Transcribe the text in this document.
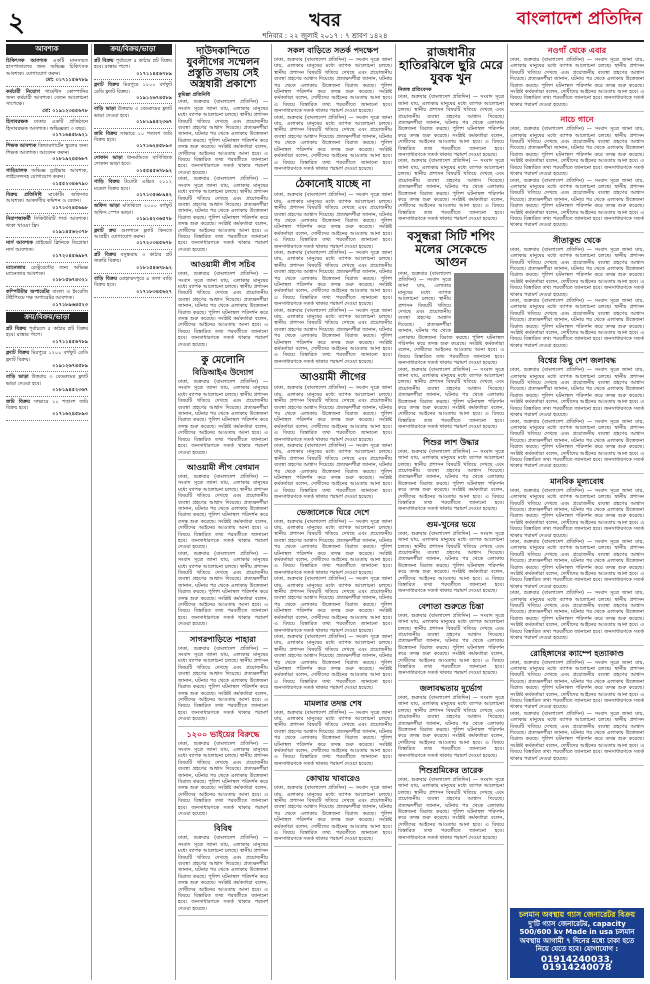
২	খবর	বাংলাদেশ প্রতিদিন
শনিবার : ২২ জুলাই ২০১৭ : ৭ শ্রাবণ ১৪২৪
আবশ্যক
চিকিৎসক আবশ্যক একটি মানসম্মত হাসপাতালের জন্য অভিজ্ঞ চিকিৎসক আবশ্যক। যোগাযোগ করুন।
মো: ০১৭১১৫৬৭৮৯
কর্মচারী নিয়োগ গার্মেন্টস কোম্পানির জন্য কর্মচারী আবশ্যক। বেতন আলোচনা সাপেক্ষে।
মো: ০১৯১২৩৪৫৬৭৮
হিসাবরক্ষক ঢাকার একটি প্রতিষ্ঠানে হিসাবরক্ষক আবশ্যক। অভিজ্ঞতা ৩ বছর।
০১৭১৬৪৫৮৯২১
শিক্ষক আবশ্যক কিন্ডারগার্টেন স্কুলের জন্য শিক্ষক আবশ্যক। আবেদন করুন।
০১৮১৯২৪৫৬৮৭
গাড়িচালক অভিজ্ঞ ড্রাইভার আবশ্যক, লাইসেন্সসহ যোগাযোগ করুন।
০১৫৫২৩৪৬৭৯০
বিক্রয় প্রতিনিধি মার্কেটিং অফিসার আবশ্যক। আকর্ষণীয় কমিশন ও বেতন।
০১৭১৩২৪৫৬৯৮
নিরাপত্তাকর্মী সিকিউরিটি গার্ড আবশ্যক। থাকা খাওয়া ফ্রি।
০১৯১৪৫৬২৩৭৮
নার্স আবশ্যক প্রাইভেট ক্লিনিকে ডিপ্লোমা নার্স আবশ্যক।
০১৭২০৪৫৬৯৮৭
ম্যানেজার রেস্টুরেন্টের জন্য অভিজ্ঞ ম্যানেজার আবশ্যক।
০১৮১৫৬৭৪৩২১
কম্পিউটার অপারেটর বাংলা ও ইংরেজি টাইপিংয়ে দক্ষ অপারেটর আবশ্যক।
০১৭১৮৯৬৪৫২৩
ক্রয়/বিক্রয়/ভাড়া
প্লট বিক্রয় পূর্বাচলে ৫ কাঠার প্লট বিক্রয় হবে। রাস্তার পাশে।
০১৭১১৪৫৬৭৮৯
ফ্ল্যাট বিক্রয় মিরপুরে ১২০০ বর্গফুট রেডি ফ্ল্যাট বিক্রয়।
০১৯১২৬৭৪৫৮৯
বাড়ি ভাড়া উত্তরায় ৩ বেডরুমের ফ্ল্যাট ভাড়া দেওয়া হবে।
০১৮১৯৪৫২৩৬৭
জমি বিক্রয় সাভারে ১০ শতাংশ জমি বিক্রয় হবে।
০১৭১৬২৪৫৮৯৩
ক্রয়/বিক্রয়/ভাড়া
প্লট বিক্রয় পূর্বাচলে ৫ কাঠার প্লট বিক্রয় হবে। রাস্তার পাশে।
০১৭১১৪৫৬৭৮৯
ফ্ল্যাট বিক্রয় মিরপুরে ১২০০ বর্গফুট রেডি ফ্ল্যাট বিক্রয়।
০১৯১২৬৭৪৫৮৯
বাড়ি ভাড়া উত্তরায় ৩ বেডরুমের ফ্ল্যাট ভাড়া দেওয়া হবে।
০১৮১৯৪৫২৩৬৭
জমি বিক্রয় সাভারে ১০ শতাংশ জমি বিক্রয় হবে।
০১৭১৬২৪৫৮৯৩
দোকান ভাড়া ধানমন্ডিতে বাণিজ্যিক দোকান ভাড়া হবে।
০১৫৫৪৫৬৭৮৯২
গাড়ি বিক্রয় টয়োটা এক্সিও ২০১২ মডেল বিক্রয় হবে।
০১৭১৩৫৬৮৯৪২
অফিস ভাড়া মতিঝিলে ২০০০ বর্গফুট অফিস স্পেস ভাড়া।
০১৯১৪২৩৬৫৭৮
ফ্ল্যাট ক্রয় গুলশানে ফ্ল্যাট কিনতে আগ্রহী। যোগাযোগ করুন।
০১৭২০৩৪৫৬৭৮
প্লট বিক্রয় বসুন্ধরায় ৩ কাঠার প্লট জরুরি বিক্রয়।
০১৮১৫৪৬৭৮৯২
বাড়ি বিক্রয় মোহাম্মদপুরে ৪ তলা বাড়ি বিক্রয় হবে।
০১৭১৮৩৪৫৬২৭
দাউদকান্দিতে যুবলীগের সম্মেলন প্রস্তুতি সভায় সেই অস্ত্রধারী প্রকাশ্যে
কুমিল্লা প্রতিনিধি
ঢাকা, শুক্রবার (বাংলাদেশ প্রতিদিন) — সংবাদ সূত্রে জানা যায়, এলাকার মানুষের মধ্যে ব্যাপক আলোচনা চলছে। স্থানীয় প্রশাসন বিষয়টি খতিয়ে দেখছে এবং প্রয়োজনীয় ব্যবস্থা গ্রহণের আশ্বাস দিয়েছে। প্রত্যক্ষদর্শীরা জানান, ঘটনার পর থেকে এলাকায় উত্তেজনা বিরাজ করছে। পুলিশ ঘটনাস্থল পরিদর্শন করে তদন্ত শুরু করেছে। সংশ্লিষ্ট কর্মকর্তারা বলেন, দোষীদের আইনের আওতায় আনা হবে। এ বিষয়ে বিস্তারিত তথ্য পরবর্তীতে জানানো হবে। জনসাধারণকে সতর্ক থাকার পরামর্শ দেওয়া হয়েছে।
ঢাকা, শুক্রবার (বাংলাদেশ প্রতিদিন) — সংবাদ সূত্রে জানা যায়, এলাকার মানুষের মধ্যে ব্যাপক আলোচনা চলছে। স্থানীয় প্রশাসন বিষয়টি খতিয়ে দেখছে এবং প্রয়োজনীয় ব্যবস্থা গ্রহণের আশ্বাস দিয়েছে। প্রত্যক্ষদর্শীরা জানান, ঘটনার পর থেকে এলাকায় উত্তেজনা বিরাজ করছে। পুলিশ ঘটনাস্থল পরিদর্শন করে তদন্ত শুরু করেছে। সংশ্লিষ্ট কর্মকর্তারা বলেন, দোষীদের আইনের আওতায় আনা হবে। এ বিষয়ে বিস্তারিত তথ্য পরবর্তীতে জানানো হবে। জনসাধারণকে সতর্ক থাকার পরামর্শ দেওয়া হয়েছে।
আওয়ামী লীগ সচিব
ঢাকা, শুক্রবার (বাংলাদেশ প্রতিদিন) — সংবাদ সূত্রে জানা যায়, এলাকার মানুষের মধ্যে ব্যাপক আলোচনা চলছে। স্থানীয় প্রশাসন বিষয়টি খতিয়ে দেখছে এবং প্রয়োজনীয় ব্যবস্থা গ্রহণের আশ্বাস দিয়েছে। প্রত্যক্ষদর্শীরা জানান, ঘটনার পর থেকে এলাকায় উত্তেজনা বিরাজ করছে। পুলিশ ঘটনাস্থল পরিদর্শন করে তদন্ত শুরু করেছে। সংশ্লিষ্ট কর্মকর্তারা বলেন, দোষীদের আইনের আওতায় আনা হবে। এ বিষয়ে বিস্তারিত তথ্য পরবর্তীতে জানানো হবে। জনসাধারণকে সতর্ক থাকার পরামর্শ দেওয়া হয়েছে।
কু মেলোনি
বিডিআইএ উদ্যোগ
ঢাকা, শুক্রবার (বাংলাদেশ প্রতিদিন) — সংবাদ সূত্রে জানা যায়, এলাকার মানুষের মধ্যে ব্যাপক আলোচনা চলছে। স্থানীয় প্রশাসন বিষয়টি খতিয়ে দেখছে এবং প্রয়োজনীয় ব্যবস্থা গ্রহণের আশ্বাস দিয়েছে। প্রত্যক্ষদর্শীরা জানান, ঘটনার পর থেকে এলাকায় উত্তেজনা বিরাজ করছে। পুলিশ ঘটনাস্থল পরিদর্শন করে তদন্ত শুরু করেছে। সংশ্লিষ্ট কর্মকর্তারা বলেন, দোষীদের আইনের আওতায় আনা হবে। এ বিষয়ে বিস্তারিত তথ্য পরবর্তীতে জানানো হবে। জনসাধারণকে সতর্ক থাকার পরামর্শ দেওয়া হয়েছে।
আওয়ামী লীগ বেগমান
ঢাকা, শুক্রবার (বাংলাদেশ প্রতিদিন) — সংবাদ সূত্রে জানা যায়, এলাকার মানুষের মধ্যে ব্যাপক আলোচনা চলছে। স্থানীয় প্রশাসন বিষয়টি খতিয়ে দেখছে এবং প্রয়োজনীয় ব্যবস্থা গ্রহণের আশ্বাস দিয়েছে। প্রত্যক্ষদর্শীরা জানান, ঘটনার পর থেকে এলাকায় উত্তেজনা বিরাজ করছে। পুলিশ ঘটনাস্থল পরিদর্শন করে তদন্ত শুরু করেছে। সংশ্লিষ্ট কর্মকর্তারা বলেন, দোষীদের আইনের আওতায় আনা হবে। এ বিষয়ে বিস্তারিত তথ্য পরবর্তীতে জানানো হবে। জনসাধারণকে সতর্ক থাকার পরামর্শ দেওয়া হয়েছে।
ঢাকা, শুক্রবার (বাংলাদেশ প্রতিদিন) — সংবাদ সূত্রে জানা যায়, এলাকার মানুষের মধ্যে ব্যাপক আলোচনা চলছে। স্থানীয় প্রশাসন বিষয়টি খতিয়ে দেখছে এবং প্রয়োজনীয় ব্যবস্থা গ্রহণের আশ্বাস দিয়েছে। প্রত্যক্ষদর্শীরা জানান, ঘটনার পর থেকে এলাকায় উত্তেজনা বিরাজ করছে। পুলিশ ঘটনাস্থল পরিদর্শন করে তদন্ত শুরু করেছে। সংশ্লিষ্ট কর্মকর্তারা বলেন, দোষীদের আইনের আওতায় আনা হবে। এ বিষয়ে বিস্তারিত তথ্য পরবর্তীতে জানানো হবে। জনসাধারণকে সতর্ক থাকার পরামর্শ দেওয়া হয়েছে।
সাগরপাড়িতে পাহারা
ঢাকা, শুক্রবার (বাংলাদেশ প্রতিদিন) — সংবাদ সূত্রে জানা যায়, এলাকার মানুষের মধ্যে ব্যাপক আলোচনা চলছে। স্থানীয় প্রশাসন বিষয়টি খতিয়ে দেখছে এবং প্রয়োজনীয় ব্যবস্থা গ্রহণের আশ্বাস দিয়েছে। প্রত্যক্ষদর্শীরা জানান, ঘটনার পর থেকে এলাকায় উত্তেজনা বিরাজ করছে। পুলিশ ঘটনাস্থল পরিদর্শন করে তদন্ত শুরু করেছে। সংশ্লিষ্ট কর্মকর্তারা বলেন, দোষীদের আইনের আওতায় আনা হবে। এ বিষয়ে বিস্তারিত তথ্য পরবর্তীতে জানানো হবে। জনসাধারণকে সতর্ক থাকার পরামর্শ দেওয়া হয়েছে।
১২০০ ভাইয়ের বিরুদ্ধে
ঢাকা, শুক্রবার (বাংলাদেশ প্রতিদিন) — সংবাদ সূত্রে জানা যায়, এলাকার মানুষের মধ্যে ব্যাপক আলোচনা চলছে। স্থানীয় প্রশাসন বিষয়টি খতিয়ে দেখছে এবং প্রয়োজনীয় ব্যবস্থা গ্রহণের আশ্বাস দিয়েছে। প্রত্যক্ষদর্শীরা জানান, ঘটনার পর থেকে এলাকায় উত্তেজনা বিরাজ করছে। পুলিশ ঘটনাস্থল পরিদর্শন করে তদন্ত শুরু করেছে। সংশ্লিষ্ট কর্মকর্তারা বলেন, দোষীদের আইনের আওতায় আনা হবে। এ বিষয়ে বিস্তারিত তথ্য পরবর্তীতে জানানো হবে। জনসাধারণকে সতর্ক থাকার পরামর্শ দেওয়া হয়েছে।
বিবিধ
ঢাকা, শুক্রবার (বাংলাদেশ প্রতিদিন) — সংবাদ সূত্রে জানা যায়, এলাকার মানুষের মধ্যে ব্যাপক আলোচনা চলছে। স্থানীয় প্রশাসন বিষয়টি খতিয়ে দেখছে এবং প্রয়োজনীয় ব্যবস্থা গ্রহণের আশ্বাস দিয়েছে। প্রত্যক্ষদর্শীরা জানান, ঘটনার পর থেকে এলাকায় উত্তেজনা বিরাজ করছে। পুলিশ ঘটনাস্থল পরিদর্শন করে তদন্ত শুরু করেছে। সংশ্লিষ্ট কর্মকর্তারা বলেন, দোষীদের আইনের আওতায় আনা হবে। এ বিষয়ে বিস্তারিত তথ্য পরবর্তীতে জানানো হবে। জনসাধারণকে সতর্ক থাকার পরামর্শ দেওয়া হয়েছে।
সকল বাড়িতে সতর্ক পদক্ষেপ
ঢাকা, শুক্রবার (বাংলাদেশ প্রতিদিন) — সংবাদ সূত্রে জানা যায়, এলাকার মানুষের মধ্যে ব্যাপক আলোচনা চলছে। স্থানীয় প্রশাসন বিষয়টি খতিয়ে দেখছে এবং প্রয়োজনীয় ব্যবস্থা গ্রহণের আশ্বাস দিয়েছে। প্রত্যক্ষদর্শীরা জানান, ঘটনার পর থেকে এলাকায় উত্তেজনা বিরাজ করছে। পুলিশ ঘটনাস্থল পরিদর্শন করে তদন্ত শুরু করেছে। সংশ্লিষ্ট কর্মকর্তারা বলেন, দোষীদের আইনের আওতায় আনা হবে। এ বিষয়ে বিস্তারিত তথ্য পরবর্তীতে জানানো হবে। জনসাধারণকে সতর্ক থাকার পরামর্শ দেওয়া হয়েছে।
ঢাকা, শুক্রবার (বাংলাদেশ প্রতিদিন) — সংবাদ সূত্রে জানা যায়, এলাকার মানুষের মধ্যে ব্যাপক আলোচনা চলছে। স্থানীয় প্রশাসন বিষয়টি খতিয়ে দেখছে এবং প্রয়োজনীয় ব্যবস্থা গ্রহণের আশ্বাস দিয়েছে। প্রত্যক্ষদর্শীরা জানান, ঘটনার পর থেকে এলাকায় উত্তেজনা বিরাজ করছে। পুলিশ ঘটনাস্থল পরিদর্শন করে তদন্ত শুরু করেছে। সংশ্লিষ্ট কর্মকর্তারা বলেন, দোষীদের আইনের আওতায় আনা হবে। এ বিষয়ে বিস্তারিত তথ্য পরবর্তীতে জানানো হবে। জনসাধারণকে সতর্ক থাকার পরামর্শ দেওয়া হয়েছে।
ঠেকানোই যাচ্ছে না
ঢাকা, শুক্রবার (বাংলাদেশ প্রতিদিন) — সংবাদ সূত্রে জানা যায়, এলাকার মানুষের মধ্যে ব্যাপক আলোচনা চলছে। স্থানীয় প্রশাসন বিষয়টি খতিয়ে দেখছে এবং প্রয়োজনীয় ব্যবস্থা গ্রহণের আশ্বাস দিয়েছে। প্রত্যক্ষদর্শীরা জানান, ঘটনার পর থেকে এলাকায় উত্তেজনা বিরাজ করছে। পুলিশ ঘটনাস্থল পরিদর্শন করে তদন্ত শুরু করেছে। সংশ্লিষ্ট কর্মকর্তারা বলেন, দোষীদের আইনের আওতায় আনা হবে। এ বিষয়ে বিস্তারিত তথ্য পরবর্তীতে জানানো হবে। জনসাধারণকে সতর্ক থাকার পরামর্শ দেওয়া হয়েছে।
ঢাকা, শুক্রবার (বাংলাদেশ প্রতিদিন) — সংবাদ সূত্রে জানা যায়, এলাকার মানুষের মধ্যে ব্যাপক আলোচনা চলছে। স্থানীয় প্রশাসন বিষয়টি খতিয়ে দেখছে এবং প্রয়োজনীয় ব্যবস্থা গ্রহণের আশ্বাস দিয়েছে। প্রত্যক্ষদর্শীরা জানান, ঘটনার পর থেকে এলাকায় উত্তেজনা বিরাজ করছে। পুলিশ ঘটনাস্থল পরিদর্শন করে তদন্ত শুরু করেছে। সংশ্লিষ্ট কর্মকর্তারা বলেন, দোষীদের আইনের আওতায় আনা হবে। এ বিষয়ে বিস্তারিত তথ্য পরবর্তীতে জানানো হবে। জনসাধারণকে সতর্ক থাকার পরামর্শ দেওয়া হয়েছে।
ঢাকা, শুক্রবার (বাংলাদেশ প্রতিদিন) — সংবাদ সূত্রে জানা যায়, এলাকার মানুষের মধ্যে ব্যাপক আলোচনা চলছে। স্থানীয় প্রশাসন বিষয়টি খতিয়ে দেখছে এবং প্রয়োজনীয় ব্যবস্থা গ্রহণের আশ্বাস দিয়েছে। প্রত্যক্ষদর্শীরা জানান, ঘটনার পর থেকে এলাকায় উত্তেজনা বিরাজ করছে। পুলিশ ঘটনাস্থল পরিদর্শন করে তদন্ত শুরু করেছে। সংশ্লিষ্ট কর্মকর্তারা বলেন, দোষীদের আইনের আওতায় আনা হবে। এ বিষয়ে বিস্তারিত তথ্য পরবর্তীতে জানানো হবে। জনসাধারণকে সতর্ক থাকার পরামর্শ দেওয়া হয়েছে।
আওয়ামী লীগের
ঢাকা, শুক্রবার (বাংলাদেশ প্রতিদিন) — সংবাদ সূত্রে জানা যায়, এলাকার মানুষের মধ্যে ব্যাপক আলোচনা চলছে। স্থানীয় প্রশাসন বিষয়টি খতিয়ে দেখছে এবং প্রয়োজনীয় ব্যবস্থা গ্রহণের আশ্বাস দিয়েছে। প্রত্যক্ষদর্শীরা জানান, ঘটনার পর থেকে এলাকায় উত্তেজনা বিরাজ করছে। পুলিশ ঘটনাস্থল পরিদর্শন করে তদন্ত শুরু করেছে। সংশ্লিষ্ট কর্মকর্তারা বলেন, দোষীদের আইনের আওতায় আনা হবে। এ বিষয়ে বিস্তারিত তথ্য পরবর্তীতে জানানো হবে। জনসাধারণকে সতর্ক থাকার পরামর্শ দেওয়া হয়েছে।
ঢাকা, শুক্রবার (বাংলাদেশ প্রতিদিন) — সংবাদ সূত্রে জানা যায়, এলাকার মানুষের মধ্যে ব্যাপক আলোচনা চলছে। স্থানীয় প্রশাসন বিষয়টি খতিয়ে দেখছে এবং প্রয়োজনীয় ব্যবস্থা গ্রহণের আশ্বাস দিয়েছে। প্রত্যক্ষদর্শীরা জানান, ঘটনার পর থেকে এলাকায় উত্তেজনা বিরাজ করছে। পুলিশ ঘটনাস্থল পরিদর্শন করে তদন্ত শুরু করেছে। সংশ্লিষ্ট কর্মকর্তারা বলেন, দোষীদের আইনের আওতায় আনা হবে। এ বিষয়ে বিস্তারিত তথ্য পরবর্তীতে জানানো হবে। জনসাধারণকে সতর্ক থাকার পরামর্শ দেওয়া হয়েছে।
ভেজালেকে ঘিরে দেশে
ঢাকা, শুক্রবার (বাংলাদেশ প্রতিদিন) — সংবাদ সূত্রে জানা যায়, এলাকার মানুষের মধ্যে ব্যাপক আলোচনা চলছে। স্থানীয় প্রশাসন বিষয়টি খতিয়ে দেখছে এবং প্রয়োজনীয় ব্যবস্থা গ্রহণের আশ্বাস দিয়েছে। প্রত্যক্ষদর্শীরা জানান, ঘটনার পর থেকে এলাকায় উত্তেজনা বিরাজ করছে। পুলিশ ঘটনাস্থল পরিদর্শন করে তদন্ত শুরু করেছে। সংশ্লিষ্ট কর্মকর্তারা বলেন, দোষীদের আইনের আওতায় আনা হবে। এ বিষয়ে বিস্তারিত তথ্য পরবর্তীতে জানানো হবে। জনসাধারণকে সতর্ক থাকার পরামর্শ দেওয়া হয়েছে।
ঢাকা, শুক্রবার (বাংলাদেশ প্রতিদিন) — সংবাদ সূত্রে জানা যায়, এলাকার মানুষের মধ্যে ব্যাপক আলোচনা চলছে। স্থানীয় প্রশাসন বিষয়টি খতিয়ে দেখছে এবং প্রয়োজনীয় ব্যবস্থা গ্রহণের আশ্বাস দিয়েছে। প্রত্যক্ষদর্শীরা জানান, ঘটনার পর থেকে এলাকায় উত্তেজনা বিরাজ করছে। পুলিশ ঘটনাস্থল পরিদর্শন করে তদন্ত শুরু করেছে। সংশ্লিষ্ট কর্মকর্তারা বলেন, দোষীদের আইনের আওতায় আনা হবে। এ বিষয়ে বিস্তারিত তথ্য পরবর্তীতে জানানো হবে। জনসাধারণকে সতর্ক থাকার পরামর্শ দেওয়া হয়েছে।
ঢাকা, শুক্রবার (বাংলাদেশ প্রতিদিন) — সংবাদ সূত্রে জানা যায়, এলাকার মানুষের মধ্যে ব্যাপক আলোচনা চলছে। স্থানীয় প্রশাসন বিষয়টি খতিয়ে দেখছে এবং প্রয়োজনীয় ব্যবস্থা গ্রহণের আশ্বাস দিয়েছে। প্রত্যক্ষদর্শীরা জানান, ঘটনার পর থেকে এলাকায় উত্তেজনা বিরাজ করছে। পুলিশ ঘটনাস্থল পরিদর্শন করে তদন্ত শুরু করেছে। সংশ্লিষ্ট কর্মকর্তারা বলেন, দোষীদের আইনের আওতায় আনা হবে। এ বিষয়ে বিস্তারিত তথ্য পরবর্তীতে জানানো হবে। জনসাধারণকে সতর্ক থাকার পরামর্শ দেওয়া হয়েছে।
মামলার তদন্ত শেষ
ঢাকা, শুক্রবার (বাংলাদেশ প্রতিদিন) — সংবাদ সূত্রে জানা যায়, এলাকার মানুষের মধ্যে ব্যাপক আলোচনা চলছে। স্থানীয় প্রশাসন বিষয়টি খতিয়ে দেখছে এবং প্রয়োজনীয় ব্যবস্থা গ্রহণের আশ্বাস দিয়েছে। প্রত্যক্ষদর্শীরা জানান, ঘটনার পর থেকে এলাকায় উত্তেজনা বিরাজ করছে। পুলিশ ঘটনাস্থল পরিদর্শন করে তদন্ত শুরু করেছে। সংশ্লিষ্ট কর্মকর্তারা বলেন, দোষীদের আইনের আওতায় আনা হবে। এ বিষয়ে বিস্তারিত তথ্য পরবর্তীতে জানানো হবে। জনসাধারণকে সতর্ক থাকার পরামর্শ দেওয়া হয়েছে।
কোথায় খাবারেও
ঢাকা, শুক্রবার (বাংলাদেশ প্রতিদিন) — সংবাদ সূত্রে জানা যায়, এলাকার মানুষের মধ্যে ব্যাপক আলোচনা চলছে। স্থানীয় প্রশাসন বিষয়টি খতিয়ে দেখছে এবং প্রয়োজনীয় ব্যবস্থা গ্রহণের আশ্বাস দিয়েছে। প্রত্যক্ষদর্শীরা জানান, ঘটনার পর থেকে এলাকায় উত্তেজনা বিরাজ করছে। পুলিশ ঘটনাস্থল পরিদর্শন করে তদন্ত শুরু করেছে। সংশ্লিষ্ট কর্মকর্তারা বলেন, দোষীদের আইনের আওতায় আনা হবে। এ বিষয়ে বিস্তারিত তথ্য পরবর্তীতে জানানো হবে। জনসাধারণকে সতর্ক থাকার পরামর্শ দেওয়া হয়েছে।
রাজধানীর হাতিরঝিলে ছুরি মেরে যুবক খুন
নিজস্ব প্রতিবেদক
ঢাকা, শুক্রবার (বাংলাদেশ প্রতিদিন) — সংবাদ সূত্রে জানা যায়, এলাকার মানুষের মধ্যে ব্যাপক আলোচনা চলছে। স্থানীয় প্রশাসন বিষয়টি খতিয়ে দেখছে এবং প্রয়োজনীয় ব্যবস্থা গ্রহণের আশ্বাস দিয়েছে। প্রত্যক্ষদর্শীরা জানান, ঘটনার পর থেকে এলাকায় উত্তেজনা বিরাজ করছে। পুলিশ ঘটনাস্থল পরিদর্শন করে তদন্ত শুরু করেছে। সংশ্লিষ্ট কর্মকর্তারা বলেন, দোষীদের আইনের আওতায় আনা হবে। এ বিষয়ে বিস্তারিত তথ্য পরবর্তীতে জানানো হবে। জনসাধারণকে সতর্ক থাকার পরামর্শ দেওয়া হয়েছে।
ঢাকা, শুক্রবার (বাংলাদেশ প্রতিদিন) — সংবাদ সূত্রে জানা যায়, এলাকার মানুষের মধ্যে ব্যাপক আলোচনা চলছে। স্থানীয় প্রশাসন বিষয়টি খতিয়ে দেখছে এবং প্রয়োজনীয় ব্যবস্থা গ্রহণের আশ্বাস দিয়েছে। প্রত্যক্ষদর্শীরা জানান, ঘটনার পর থেকে এলাকায় উত্তেজনা বিরাজ করছে। পুলিশ ঘটনাস্থল পরিদর্শন করে তদন্ত শুরু করেছে। সংশ্লিষ্ট কর্মকর্তারা বলেন, দোষীদের আইনের আওতায় আনা হবে। এ বিষয়ে বিস্তারিত তথ্য পরবর্তীতে জানানো হবে। জনসাধারণকে সতর্ক থাকার পরামর্শ দেওয়া হয়েছে।
বসুন্ধরা সিটি শপিং মলের সেকেন্ডে আগুন
ঢাকা, শুক্রবার (বাংলাদেশ প্রতিদিন) — সংবাদ সূত্রে জানা যায়, এলাকার মানুষের মধ্যে ব্যাপক আলোচনা চলছে। স্থানীয় প্রশাসন বিষয়টি খতিয়ে দেখছে এবং প্রয়োজনীয় ব্যবস্থা গ্রহণের আশ্বাস দিয়েছে। প্রত্যক্ষদর্শীরা জানান, ঘটনার পর থেকে এলাকায় উত্তেজনা বিরাজ করছে। পুলিশ ঘটনাস্থল পরিদর্শন করে তদন্ত শুরু করেছে। সংশ্লিষ্ট কর্মকর্তারা বলেন, দোষীদের আইনের আওতায় আনা হবে। এ বিষয়ে বিস্তারিত তথ্য পরবর্তীতে জানানো হবে। জনসাধারণকে সতর্ক থাকার পরামর্শ দেওয়া হয়েছে।
ঢাকা, শুক্রবার (বাংলাদেশ প্রতিদিন) — সংবাদ সূত্রে জানা যায়, এলাকার মানুষের মধ্যে ব্যাপক আলোচনা চলছে। স্থানীয় প্রশাসন বিষয়টি খতিয়ে দেখছে এবং প্রয়োজনীয় ব্যবস্থা গ্রহণের আশ্বাস দিয়েছে। প্রত্যক্ষদর্শীরা জানান, ঘটনার পর থেকে এলাকায় উত্তেজনা বিরাজ করছে। পুলিশ ঘটনাস্থল পরিদর্শন করে তদন্ত শুরু করেছে। সংশ্লিষ্ট কর্মকর্তারা বলেন, দোষীদের আইনের আওতায় আনা হবে। এ বিষয়ে বিস্তারিত তথ্য পরবর্তীতে জানানো হবে। জনসাধারণকে সতর্ক থাকার পরামর্শ দেওয়া হয়েছে।
শিশুর লাশ উদ্ধার
ঢাকা, শুক্রবার (বাংলাদেশ প্রতিদিন) — সংবাদ সূত্রে জানা যায়, এলাকার মানুষের মধ্যে ব্যাপক আলোচনা চলছে। স্থানীয় প্রশাসন বিষয়টি খতিয়ে দেখছে এবং প্রয়োজনীয় ব্যবস্থা গ্রহণের আশ্বাস দিয়েছে। প্রত্যক্ষদর্শীরা জানান, ঘটনার পর থেকে এলাকায় উত্তেজনা বিরাজ করছে। পুলিশ ঘটনাস্থল পরিদর্শন করে তদন্ত শুরু করেছে। সংশ্লিষ্ট কর্মকর্তারা বলেন, দোষীদের আইনের আওতায় আনা হবে। এ বিষয়ে বিস্তারিত তথ্য পরবর্তীতে জানানো হবে। জনসাধারণকে সতর্ক থাকার পরামর্শ দেওয়া হয়েছে।
গুম-খুনের ভয়ে
ঢাকা, শুক্রবার (বাংলাদেশ প্রতিদিন) — সংবাদ সূত্রে জানা যায়, এলাকার মানুষের মধ্যে ব্যাপক আলোচনা চলছে। স্থানীয় প্রশাসন বিষয়টি খতিয়ে দেখছে এবং প্রয়োজনীয় ব্যবস্থা গ্রহণের আশ্বাস দিয়েছে। প্রত্যক্ষদর্শীরা জানান, ঘটনার পর থেকে এলাকায় উত্তেজনা বিরাজ করছে। পুলিশ ঘটনাস্থল পরিদর্শন করে তদন্ত শুরু করেছে। সংশ্লিষ্ট কর্মকর্তারা বলেন, দোষীদের আইনের আওতায় আনা হবে। এ বিষয়ে বিস্তারিত তথ্য পরবর্তীতে জানানো হবে। জনসাধারণকে সতর্ক থাকার পরামর্শ দেওয়া হয়েছে।
বেশাতা শুরুতে চিন্তা
ঢাকা, শুক্রবার (বাংলাদেশ প্রতিদিন) — সংবাদ সূত্রে জানা যায়, এলাকার মানুষের মধ্যে ব্যাপক আলোচনা চলছে। স্থানীয় প্রশাসন বিষয়টি খতিয়ে দেখছে এবং প্রয়োজনীয় ব্যবস্থা গ্রহণের আশ্বাস দিয়েছে। প্রত্যক্ষদর্শীরা জানান, ঘটনার পর থেকে এলাকায় উত্তেজনা বিরাজ করছে। পুলিশ ঘটনাস্থল পরিদর্শন করে তদন্ত শুরু করেছে। সংশ্লিষ্ট কর্মকর্তারা বলেন, দোষীদের আইনের আওতায় আনা হবে। এ বিষয়ে বিস্তারিত তথ্য পরবর্তীতে জানানো হবে। জনসাধারণকে সতর্ক থাকার পরামর্শ দেওয়া হয়েছে।
জলাবদ্ধতায় দুর্ভোগ
ঢাকা, শুক্রবার (বাংলাদেশ প্রতিদিন) — সংবাদ সূত্রে জানা যায়, এলাকার মানুষের মধ্যে ব্যাপক আলোচনা চলছে। স্থানীয় প্রশাসন বিষয়টি খতিয়ে দেখছে এবং প্রয়োজনীয় ব্যবস্থা গ্রহণের আশ্বাস দিয়েছে। প্রত্যক্ষদর্শীরা জানান, ঘটনার পর থেকে এলাকায় উত্তেজনা বিরাজ করছে। পুলিশ ঘটনাস্থল পরিদর্শন করে তদন্ত শুরু করেছে। সংশ্লিষ্ট কর্মকর্তারা বলেন, দোষীদের আইনের আওতায় আনা হবে। এ বিষয়ে বিস্তারিত তথ্য পরবর্তীতে জানানো হবে। জনসাধারণকে সতর্ক থাকার পরামর্শ দেওয়া হয়েছে।
শিশুশ্রমিকের তারেক
ঢাকা, শুক্রবার (বাংলাদেশ প্রতিদিন) — সংবাদ সূত্রে জানা যায়, এলাকার মানুষের মধ্যে ব্যাপক আলোচনা চলছে। স্থানীয় প্রশাসন বিষয়টি খতিয়ে দেখছে এবং প্রয়োজনীয় ব্যবস্থা গ্রহণের আশ্বাস দিয়েছে। প্রত্যক্ষদর্শীরা জানান, ঘটনার পর থেকে এলাকায় উত্তেজনা বিরাজ করছে। পুলিশ ঘটনাস্থল পরিদর্শন করে তদন্ত শুরু করেছে। সংশ্লিষ্ট কর্মকর্তারা বলেন, দোষীদের আইনের আওতায় আনা হবে। এ বিষয়ে বিস্তারিত তথ্য পরবর্তীতে জানানো হবে। জনসাধারণকে সতর্ক থাকার পরামর্শ দেওয়া হয়েছে।
নওগাঁ থেকে এবার
ঢাকা, শুক্রবার (বাংলাদেশ প্রতিদিন) — সংবাদ সূত্রে জানা যায়, এলাকার মানুষের মধ্যে ব্যাপক আলোচনা চলছে। স্থানীয় প্রশাসন বিষয়টি খতিয়ে দেখছে এবং প্রয়োজনীয় ব্যবস্থা গ্রহণের আশ্বাস দিয়েছে। প্রত্যক্ষদর্শীরা জানান, ঘটনার পর থেকে এলাকায় উত্তেজনা বিরাজ করছে। পুলিশ ঘটনাস্থল পরিদর্শন করে তদন্ত শুরু করেছে। সংশ্লিষ্ট কর্মকর্তারা বলেন, দোষীদের আইনের আওতায় আনা হবে। এ বিষয়ে বিস্তারিত তথ্য পরবর্তীতে জানানো হবে। জনসাধারণকে সতর্ক থাকার পরামর্শ দেওয়া হয়েছে।
নাচে গানে
ঢাকা, শুক্রবার (বাংলাদেশ প্রতিদিন) — সংবাদ সূত্রে জানা যায়, এলাকার মানুষের মধ্যে ব্যাপক আলোচনা চলছে। স্থানীয় প্রশাসন বিষয়টি খতিয়ে দেখছে এবং প্রয়োজনীয় ব্যবস্থা গ্রহণের আশ্বাস দিয়েছে। প্রত্যক্ষদর্শীরা জানান, ঘটনার পর থেকে এলাকায় উত্তেজনা বিরাজ করছে। পুলিশ ঘটনাস্থল পরিদর্শন করে তদন্ত শুরু করেছে। সংশ্লিষ্ট কর্মকর্তারা বলেন, দোষীদের আইনের আওতায় আনা হবে। এ বিষয়ে বিস্তারিত তথ্য পরবর্তীতে জানানো হবে। জনসাধারণকে সতর্ক থাকার পরামর্শ দেওয়া হয়েছে।
ঢাকা, শুক্রবার (বাংলাদেশ প্রতিদিন) — সংবাদ সূত্রে জানা যায়, এলাকার মানুষের মধ্যে ব্যাপক আলোচনা চলছে। স্থানীয় প্রশাসন বিষয়টি খতিয়ে দেখছে এবং প্রয়োজনীয় ব্যবস্থা গ্রহণের আশ্বাস দিয়েছে। প্রত্যক্ষদর্শীরা জানান, ঘটনার পর থেকে এলাকায় উত্তেজনা বিরাজ করছে। পুলিশ ঘটনাস্থল পরিদর্শন করে তদন্ত শুরু করেছে। সংশ্লিষ্ট কর্মকর্তারা বলেন, দোষীদের আইনের আওতায় আনা হবে। এ বিষয়ে বিস্তারিত তথ্য পরবর্তীতে জানানো হবে। জনসাধারণকে সতর্ক থাকার পরামর্শ দেওয়া হয়েছে।
সীতাকুন্ড থেকে
ঢাকা, শুক্রবার (বাংলাদেশ প্রতিদিন) — সংবাদ সূত্রে জানা যায়, এলাকার মানুষের মধ্যে ব্যাপক আলোচনা চলছে। স্থানীয় প্রশাসন বিষয়টি খতিয়ে দেখছে এবং প্রয়োজনীয় ব্যবস্থা গ্রহণের আশ্বাস দিয়েছে। প্রত্যক্ষদর্শীরা জানান, ঘটনার পর থেকে এলাকায় উত্তেজনা বিরাজ করছে। পুলিশ ঘটনাস্থল পরিদর্শন করে তদন্ত শুরু করেছে। সংশ্লিষ্ট কর্মকর্তারা বলেন, দোষীদের আইনের আওতায় আনা হবে। এ বিষয়ে বিস্তারিত তথ্য পরবর্তীতে জানানো হবে। জনসাধারণকে সতর্ক থাকার পরামর্শ দেওয়া হয়েছে।
ঢাকা, শুক্রবার (বাংলাদেশ প্রতিদিন) — সংবাদ সূত্রে জানা যায়, এলাকার মানুষের মধ্যে ব্যাপক আলোচনা চলছে। স্থানীয় প্রশাসন বিষয়টি খতিয়ে দেখছে এবং প্রয়োজনীয় ব্যবস্থা গ্রহণের আশ্বাস দিয়েছে। প্রত্যক্ষদর্শীরা জানান, ঘটনার পর থেকে এলাকায় উত্তেজনা বিরাজ করছে। পুলিশ ঘটনাস্থল পরিদর্শন করে তদন্ত শুরু করেছে। সংশ্লিষ্ট কর্মকর্তারা বলেন, দোষীদের আইনের আওতায় আনা হবে। এ বিষয়ে বিস্তারিত তথ্য পরবর্তীতে জানানো হবে। জনসাধারণকে সতর্ক থাকার পরামর্শ দেওয়া হয়েছে।
বিশ্বের কিছু দেশ জলাবদ্ধ
ঢাকা, শুক্রবার (বাংলাদেশ প্রতিদিন) — সংবাদ সূত্রে জানা যায়, এলাকার মানুষের মধ্যে ব্যাপক আলোচনা চলছে। স্থানীয় প্রশাসন বিষয়টি খতিয়ে দেখছে এবং প্রয়োজনীয় ব্যবস্থা গ্রহণের আশ্বাস দিয়েছে। প্রত্যক্ষদর্শীরা জানান, ঘটনার পর থেকে এলাকায় উত্তেজনা বিরাজ করছে। পুলিশ ঘটনাস্থল পরিদর্শন করে তদন্ত শুরু করেছে। সংশ্লিষ্ট কর্মকর্তারা বলেন, দোষীদের আইনের আওতায় আনা হবে। এ বিষয়ে বিস্তারিত তথ্য পরবর্তীতে জানানো হবে। জনসাধারণকে সতর্ক থাকার পরামর্শ দেওয়া হয়েছে।
ঢাকা, শুক্রবার (বাংলাদেশ প্রতিদিন) — সংবাদ সূত্রে জানা যায়, এলাকার মানুষের মধ্যে ব্যাপক আলোচনা চলছে। স্থানীয় প্রশাসন বিষয়টি খতিয়ে দেখছে এবং প্রয়োজনীয় ব্যবস্থা গ্রহণের আশ্বাস দিয়েছে। প্রত্যক্ষদর্শীরা জানান, ঘটনার পর থেকে এলাকায় উত্তেজনা বিরাজ করছে। পুলিশ ঘটনাস্থল পরিদর্শন করে তদন্ত শুরু করেছে। সংশ্লিষ্ট কর্মকর্তারা বলেন, দোষীদের আইনের আওতায় আনা হবে। এ বিষয়ে বিস্তারিত তথ্য পরবর্তীতে জানানো হবে। জনসাধারণকে সতর্ক থাকার পরামর্শ দেওয়া হয়েছে।
মানবিক মূল্যবোধ
ঢাকা, শুক্রবার (বাংলাদেশ প্রতিদিন) — সংবাদ সূত্রে জানা যায়, এলাকার মানুষের মধ্যে ব্যাপক আলোচনা চলছে। স্থানীয় প্রশাসন বিষয়টি খতিয়ে দেখছে এবং প্রয়োজনীয় ব্যবস্থা গ্রহণের আশ্বাস দিয়েছে। প্রত্যক্ষদর্শীরা জানান, ঘটনার পর থেকে এলাকায় উত্তেজনা বিরাজ করছে। পুলিশ ঘটনাস্থল পরিদর্শন করে তদন্ত শুরু করেছে। সংশ্লিষ্ট কর্মকর্তারা বলেন, দোষীদের আইনের আওতায় আনা হবে। এ বিষয়ে বিস্তারিত তথ্য পরবর্তীতে জানানো হবে। জনসাধারণকে সতর্ক থাকার পরামর্শ দেওয়া হয়েছে।
ঢাকা, শুক্রবার (বাংলাদেশ প্রতিদিন) — সংবাদ সূত্রে জানা যায়, এলাকার মানুষের মধ্যে ব্যাপক আলোচনা চলছে। স্থানীয় প্রশাসন বিষয়টি খতিয়ে দেখছে এবং প্রয়োজনীয় ব্যবস্থা গ্রহণের আশ্বাস দিয়েছে। প্রত্যক্ষদর্শীরা জানান, ঘটনার পর থেকে এলাকায় উত্তেজনা বিরাজ করছে। পুলিশ ঘটনাস্থল পরিদর্শন করে তদন্ত শুরু করেছে। সংশ্লিষ্ট কর্মকর্তারা বলেন, দোষীদের আইনের আওতায় আনা হবে। এ বিষয়ে বিস্তারিত তথ্য পরবর্তীতে জানানো হবে। জনসাধারণকে সতর্ক থাকার পরামর্শ দেওয়া হয়েছে।
ঢাকা, শুক্রবার (বাংলাদেশ প্রতিদিন) — সংবাদ সূত্রে জানা যায়, এলাকার মানুষের মধ্যে ব্যাপক আলোচনা চলছে। স্থানীয় প্রশাসন বিষয়টি খতিয়ে দেখছে এবং প্রয়োজনীয় ব্যবস্থা গ্রহণের আশ্বাস দিয়েছে। প্রত্যক্ষদর্শীরা জানান, ঘটনার পর থেকে এলাকায় উত্তেজনা বিরাজ করছে। পুলিশ ঘটনাস্থল পরিদর্শন করে তদন্ত শুরু করেছে। সংশ্লিষ্ট কর্মকর্তারা বলেন, দোষীদের আইনের আওতায় আনা হবে। এ বিষয়ে বিস্তারিত তথ্য পরবর্তীতে জানানো হবে। জনসাধারণকে সতর্ক থাকার পরামর্শ দেওয়া হয়েছে।
রোহিঙ্গাদের ক্যাম্পে হত্যাকাণ্ড
ঢাকা, শুক্রবার (বাংলাদেশ প্রতিদিন) — সংবাদ সূত্রে জানা যায়, এলাকার মানুষের মধ্যে ব্যাপক আলোচনা চলছে। স্থানীয় প্রশাসন বিষয়টি খতিয়ে দেখছে এবং প্রয়োজনীয় ব্যবস্থা গ্রহণের আশ্বাস দিয়েছে। প্রত্যক্ষদর্শীরা জানান, ঘটনার পর থেকে এলাকায় উত্তেজনা বিরাজ করছে। পুলিশ ঘটনাস্থল পরিদর্শন করে তদন্ত শুরু করেছে। সংশ্লিষ্ট কর্মকর্তারা বলেন, দোষীদের আইনের আওতায় আনা হবে। এ বিষয়ে বিস্তারিত তথ্য পরবর্তীতে জানানো হবে। জনসাধারণকে সতর্ক থাকার পরামর্শ দেওয়া হয়েছে।
ঢাকা, শুক্রবার (বাংলাদেশ প্রতিদিন) — সংবাদ সূত্রে জানা যায়, এলাকার মানুষের মধ্যে ব্যাপক আলোচনা চলছে। স্থানীয় প্রশাসন বিষয়টি খতিয়ে দেখছে এবং প্রয়োজনীয় ব্যবস্থা গ্রহণের আশ্বাস দিয়েছে। প্রত্যক্ষদর্শীরা জানান, ঘটনার পর থেকে এলাকায় উত্তেজনা বিরাজ করছে। পুলিশ ঘটনাস্থল পরিদর্শন করে তদন্ত শুরু করেছে। সংশ্লিষ্ট কর্মকর্তারা বলেন, দোষীদের আইনের আওতায় আনা হবে। এ বিষয়ে বিস্তারিত তথ্য পরবর্তীতে জানানো হবে। জনসাধারণকে সতর্ক থাকার পরামর্শ দেওয়া হয়েছে।
চলমান অবস্থায় গ্যাস জেনারেটর বিক্রয়
দু'টি গ্যাস জেনারেটর, capacity 500/600 kv Made in usa চলমান অবস্থায় আগামী ৭ দিনের মধ্যে ঢাকা হতে নিয়ে যেতে হবে। যোগাযোগ :
01914240033, 01914240078
